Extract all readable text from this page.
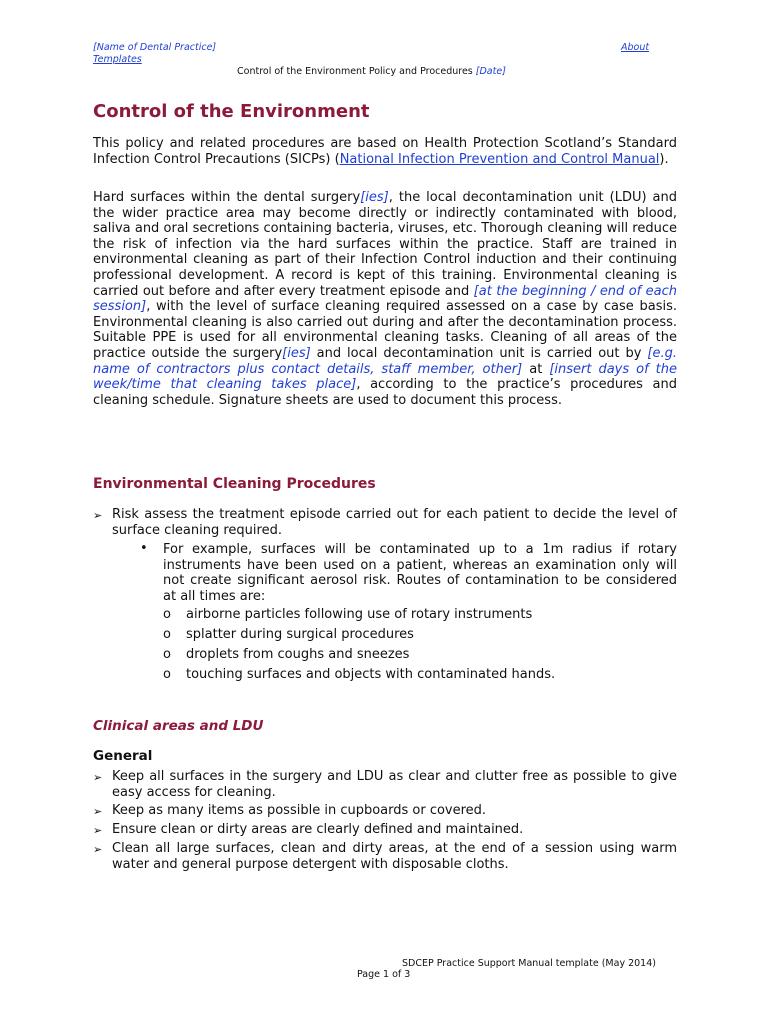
[Name of Dental Practice]	About
Templates
Control of the Environment Policy and Procedures [Date]
Control of the Environment

This policy and related procedures are based on Health Protection Scotland’s Standard Infection Control Precautions (SICPs) (National Infection Prevention and Control Manual).

Hard surfaces within the dental surgery[ies], the local decontamination unit (LDU) and the wider practice area may become directly or indirectly contaminated with blood, saliva and oral secretions containing bacteria, viruses, etc. Thorough cleaning will reduce the risk of infection via the hard surfaces within the practice. Staff are trained in environmental cleaning as part of their Infection Control induction and their continuing professional development. A record is kept of this training. Environmental cleaning is carried out before and after every treatment episode and [at the beginning / end of each session], with the level of surface cleaning required assessed on a case by case basis. Environmental cleaning is also carried out during and after the decontamination process. Suitable PPE is used for all environmental cleaning tasks. Cleaning of all areas of the practice outside the surgery[ies] and local decontamination unit is carried out by [e.g. name of contractors plus contact details, staff member, other] at [insert days of the week/time that cleaning takes place], according to the practice’s procedures and cleaning schedule. Signature sheets are used to document this process.

Environmental Cleaning Procedures
➢ Risk assess the treatment episode carried out for each patient to decide the level of surface cleaning required.

• For example, surfaces will be contaminated up to a 1m radius if rotary instruments have been used on a patient, whereas an examination only will not create significant aerosol risk. Routes of contamination to be considered at all times are:

o airborne particles following use of rotary instruments
o splatter during surgical procedures
o droplets from coughs and sneezes
o touching surfaces and objects with contaminated hands.
Clinical areas and LDU
General
➢ Keep all surfaces in the surgery and LDU as clear and clutter free as possible to give easy access for cleaning.

➢ Keep as many items as possible in cupboards or covered.

➢ Ensure clean or dirty areas are clearly defined and maintained.

➢ Clean all large surfaces, clean and dirty areas, at the end of a session using warm water and general purpose detergent with disposable cloths.

SDCEP Practice Support Manual template (May 2014)
Page 1 of 3
